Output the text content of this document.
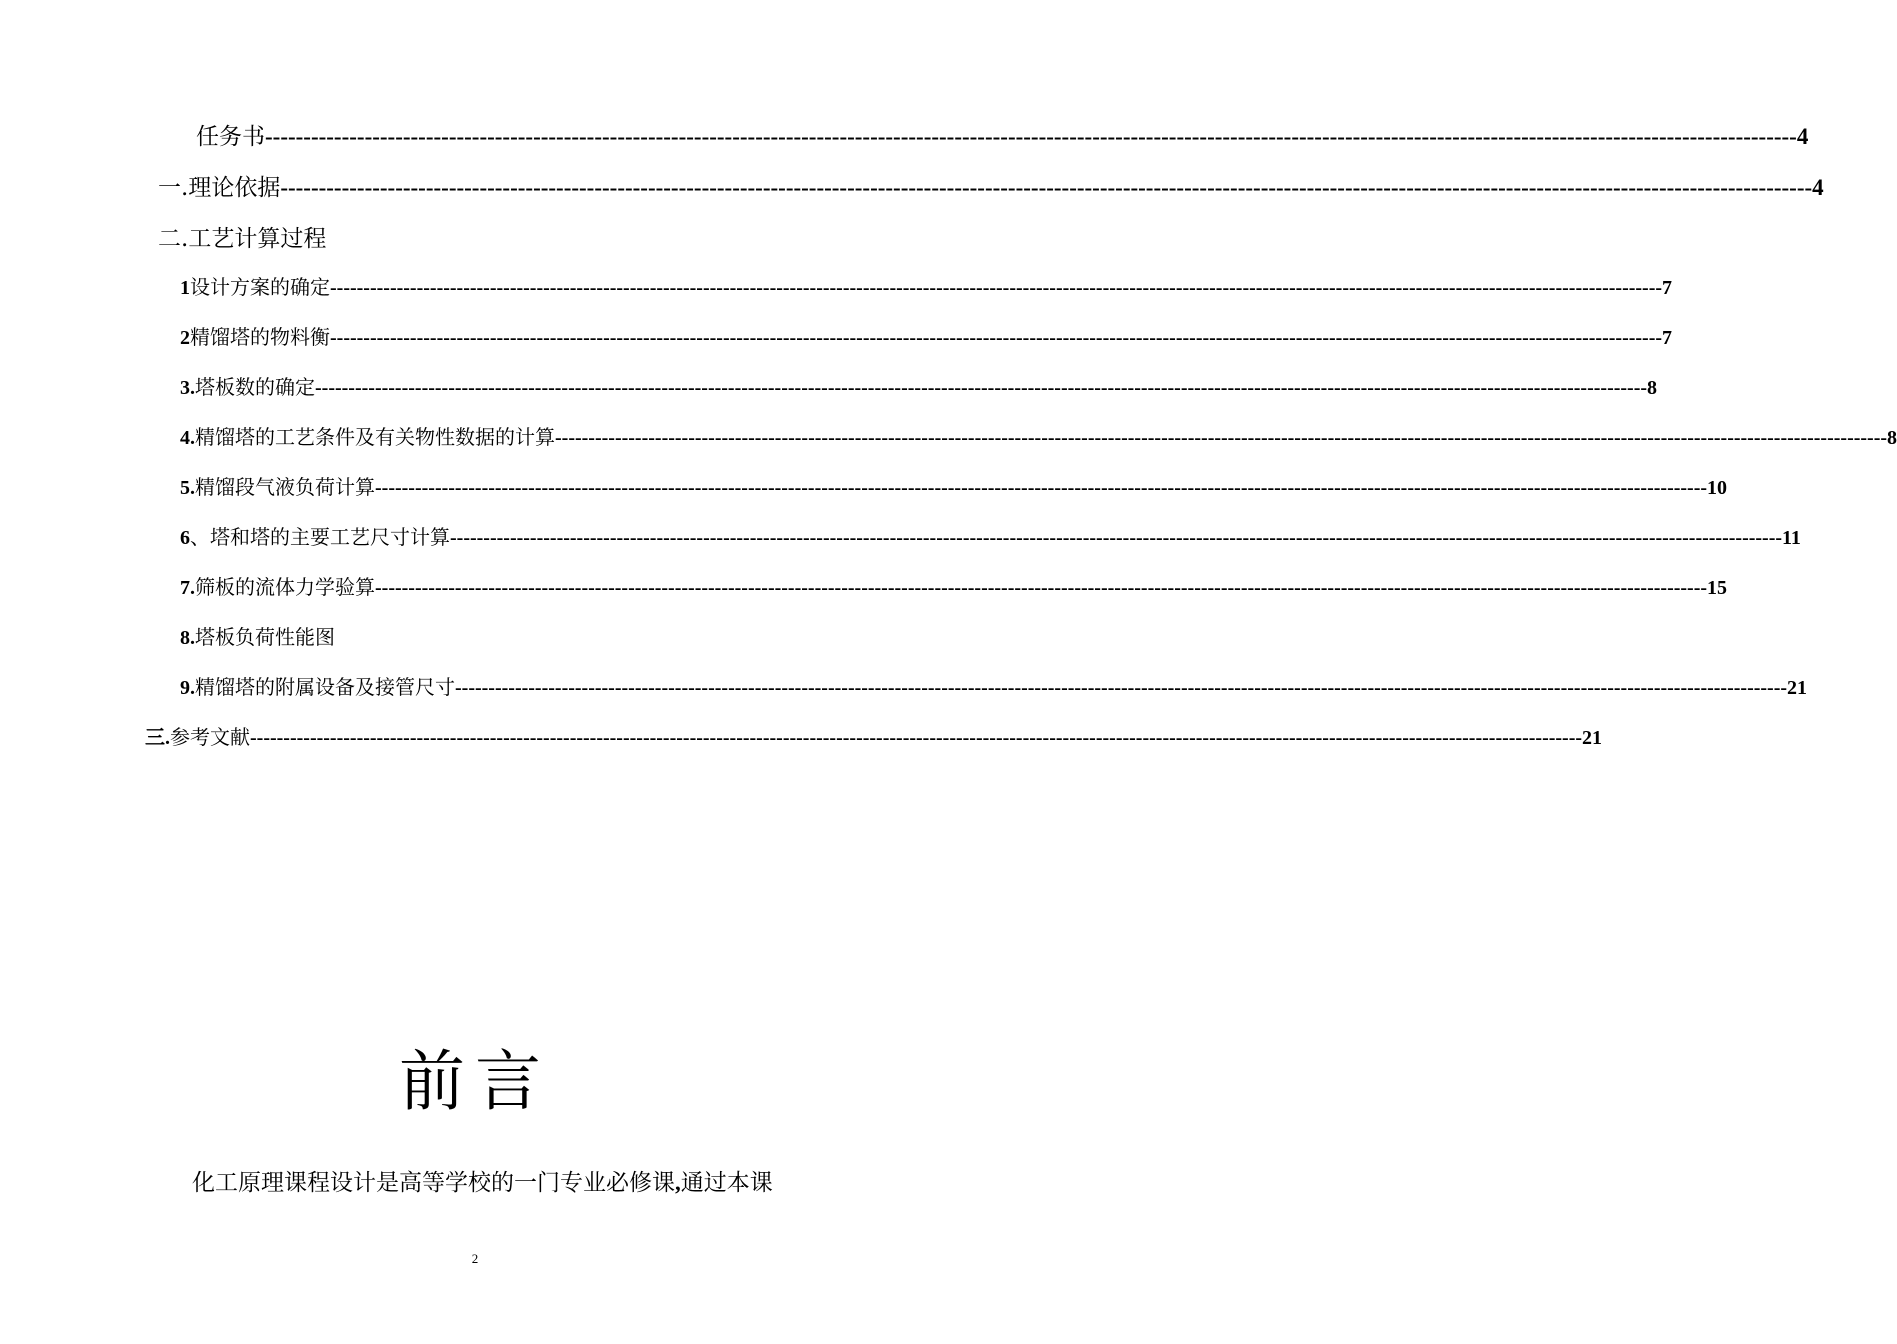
任务书 -------------------------------------------------------------------------------------------------------------------------------------------------------------------------------------------------------- 4
一. 理论依据 -------------------------------------------------------------------------------------------------------------------------------------------------------------------------------------------------------- 4
二. 工艺计算过程
1 设计方案的确定 -------------------------------------------------------------------------------------------------------------------------------------------------------------------------------------------------------- 7
2 精馏塔的物料衡 -------------------------------------------------------------------------------------------------------------------------------------------------------------------------------------------------------- 7
3. 塔板数的确定 -------------------------------------------------------------------------------------------------------------------------------------------------------------------------------------------------------- 8
4. 精馏塔的工艺条件及有关物性数据的计算 -------------------------------------------------------------------------------------------------------------------------------------------------------------------------------------------------------- 8
5. 精馏段气液负荷计算 -------------------------------------------------------------------------------------------------------------------------------------------------------------------------------------------------------- 10
6 、塔和塔的主要工艺尺寸计算 -------------------------------------------------------------------------------------------------------------------------------------------------------------------------------------------------------- 11
7. 筛板的流体力学验算 -------------------------------------------------------------------------------------------------------------------------------------------------------------------------------------------------------- 15
8. 塔板负荷性能图
9. 精馏塔的附属设备及接管尺寸 -------------------------------------------------------------------------------------------------------------------------------------------------------------------------------------------------------- 21
三. 参考文献 -------------------------------------------------------------------------------------------------------------------------------------------------------------------------------------------------------- 21
前言
化工原理课程设计是高等学校的一门专业必修课,通过本课
2
